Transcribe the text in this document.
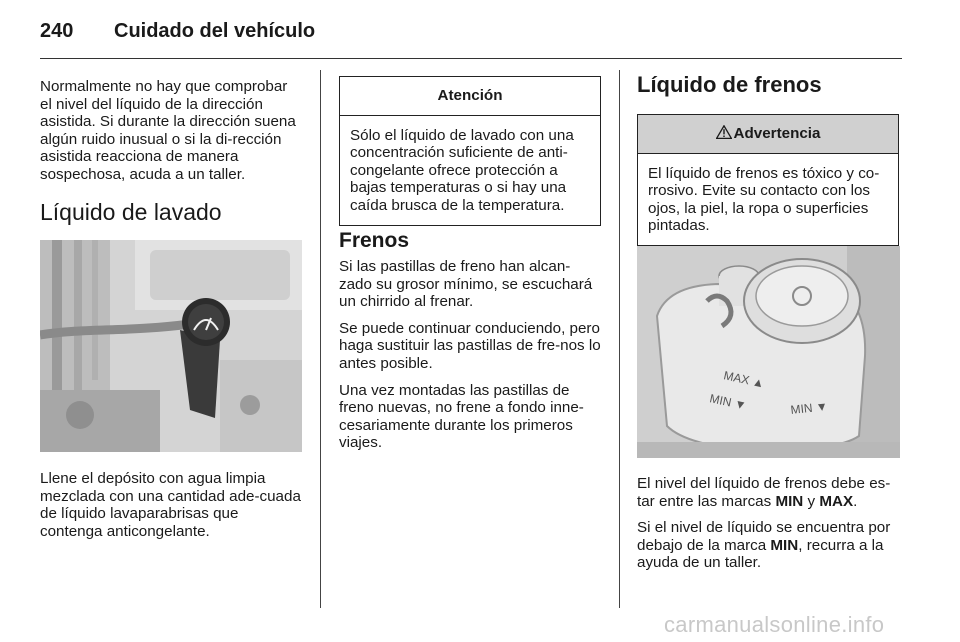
240 Cuidado del vehículo

Normalmente no hay que comprobar el nivel del líquido de la dirección asistida. Si durante la dirección suena algún ruido inusual o si la di-rección asistida reacciona de manera sospechosa, acuda a un taller.

Líquido de lavado

Llene el depósito con agua limpia mezclada con una cantidad ade-cuada de líquido lavaparabrisas que contenga anticongelante.

Atención
Sólo el líquido de lavado con una concentración suficiente de anti-congelante ofrece protección a bajas temperaturas o si hay una caída brusca de la temperatura.
Frenos

Si las pastillas de freno han alcan-zado su grosor mínimo, se escuchará un chirrido al frenar.

Se puede continuar conduciendo, pero haga sustituir las pastillas de fre-nos lo antes posible.

Una vez montadas las pastillas de freno nuevas, no frene a fondo inne-cesariamente durante los primeros viajes.

Líquido de frenos
Advertencia
El líquido de frenos es tóxico y co-rrosivo. Evite su contacto con los ojos, la piel, la ropa o superficies pintadas.
MAX ▲
MIN ▼	MIN ▼

El nivel del líquido de frenos debe es-tar entre las marcas MIN y MAX.

Si el nivel de líquido se encuentra por debajo de la marca MIN, recurra a la ayuda de un taller.

carmanualsonline.info
